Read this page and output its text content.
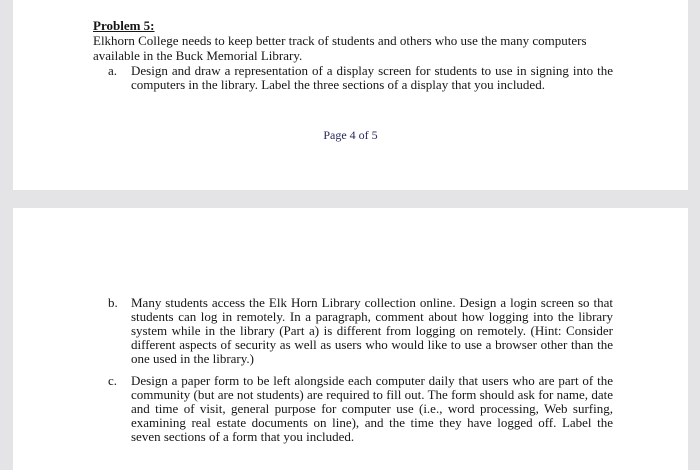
Problem 5:
Elkhorn College needs to keep better track of students and others who use the many computers available in the Buck Memorial Library.
a. Design and draw a representation of a display screen for students to use in signing into the computers in the library. Label the three sections of a display that you included.
Page 4 of 5
b. Many students access the Elk Horn Library collection online. Design a login screen so that students can log in remotely. In a paragraph, comment about how logging into the library system while in the library (Part a) is different from logging on remotely. (Hint: Consider different aspects of security as well as users who would like to use a browser other than the one used in the library.)
c. Design a paper form to be left alongside each computer daily that users who are part of the community (but are not students) are required to fill out. The form should ask for name, date and time of visit, general purpose for computer use (i.e., word processing, Web surfing, examining real estate documents on line), and the time they have logged off. Label the seven sections of a form that you included.
